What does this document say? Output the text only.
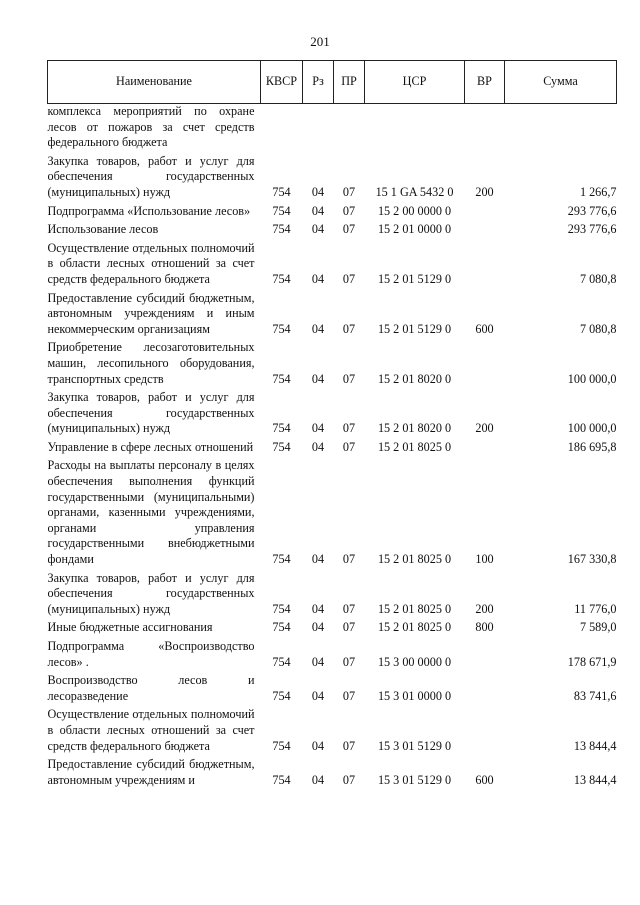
201
Наименование	КВСР	Рз	ПР	ЦСР	ВР	Сумма
комплекса мероприятий по охране лесов от пожаров за счет средств федерального бюджета						
Закупка товаров, работ и услуг для обеспечения государственных (муниципальных) нужд	754	04	07	15 1 GA 5432 0	200	1 266,7
Подпрограмма «Использование лесов»	754	04	07	15 2 00 0000 0		293 776,6
Использование лесов	754	04	07	15 2 01 0000 0		293 776,6
Осуществление отдельных полномочий в области лесных отношений за счет средств федерального бюджета	754	04	07	15 2 01 5129 0		7 080,8
Предоставление субсидий бюджетным, автономным учреждениям и иным некоммерческим организациям	754	04	07	15 2 01 5129 0	600	7 080,8
Приобретение лесозаготовительных машин, лесопильного оборудования, транспортных средств	754	04	07	15 2 01 8020 0		100 000,0
Закупка товаров, работ и услуг для обеспечения государственных (муниципальных) нужд	754	04	07	15 2 01 8020 0	200	100 000,0
Управление в сфере лесных отношений	754	04	07	15 2 01 8025 0		186 695,8
Расходы на выплаты персоналу в целях обеспечения выполнения функций государственными (муниципальными) органами, казенными учреждениями, органами управления государственными внебюджетными фондами	754	04	07	15 2 01 8025 0	100	167 330,8
Закупка товаров, работ и услуг для обеспечения государственных (муниципальных) нужд	754	04	07	15 2 01 8025 0	200	11 776,0
Иные бюджетные ассигнования	754	04	07	15 2 01 8025 0	800	7 589,0
Подпрограмма «Воспроизводство лесов» .	754	04	07	15 3 00 0000 0		178 671,9
Воспроизводство лесов и лесоразведение	754	04	07	15 3 01 0000 0		83 741,6
Осуществление отдельных полномочий в области лесных отношений за счет средств федерального бюджета	754	04	07	15 3 01 5129 0		13 844,4
Предоставление субсидий бюджетным, автономным учреждениям и	754	04	07	15 3 01 5129 0	600	13 844,4
